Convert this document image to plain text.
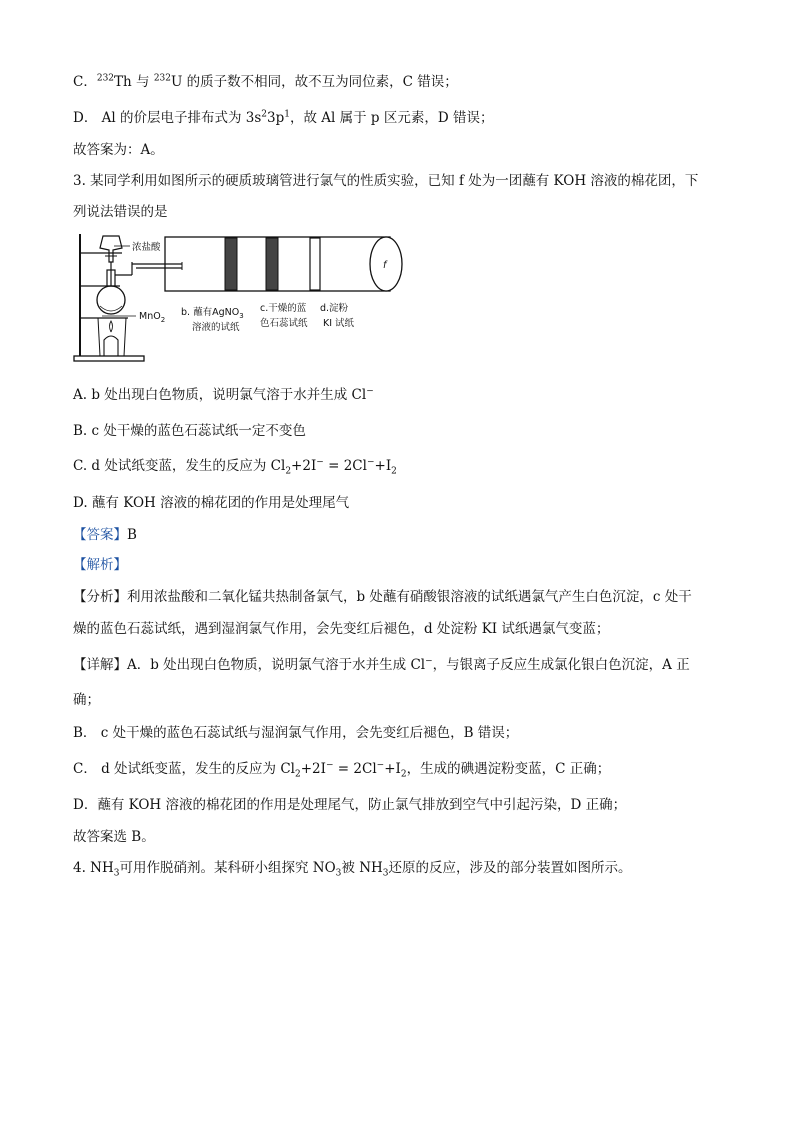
C．$^{232}$Th 与 $^{232}$U 的质子数不相同，故不互为同位素，C 错误；
D． Al 的价层电子排布式为 $3s^23p^1$，故 Al 属于 p 区元素，D 错误；
故答案为：A。
3. 某同学利用如图所示的硬质玻璃管进行氯气的性质实验，已知 f 处为一团蘸有 KOH 溶液的棉花团，下
列说法错误的是
浓盐酸
MnO$_2$
f
b. 蘸有AgNO$_3$
溶液的试纸
c.干燥的蓝
色石蕊试纸
d.淀粉
KI 试纸
A. b 处出现白色物质，说明氯气溶于水并生成 Cl−
B. c 处干燥的蓝色石蕊试纸一定不变色
C. d 处试纸变蓝，发生的反应为 $Cl_2+2I^- = 2Cl^-+I_2$
D. 蘸有 KOH 溶液的棉花团的作用是处理尾气
【答案】B
【解析】
【分析】利用浓盐酸和二氧化锰共热制备氯气，b 处蘸有硝酸银溶液的试纸遇氯气产生白色沉淀，c 处干
燥的蓝色石蕊试纸，遇到湿润氯气作用，会先变红后褪色，d 处淀粉 KI 试纸遇氯气变蓝；
【详解】A．b 处出现白色物质，说明氯气溶于水并生成 Cl−，与银离子反应生成氯化银白色沉淀，A 正
确；
B． c 处干燥的蓝色石蕊试纸与湿润氯气作用，会先变红后褪色，B 错误；
C． d 处试纸变蓝，发生的反应为 $Cl_2+2I^- = 2Cl^-+I_2$，生成的碘遇淀粉变蓝，C 正确；
D．蘸有 KOH 溶液的棉花团的作用是处理尾气，防止氯气排放到空气中引起污染，D 正确；
故答案选 B。
4. $NH_3$可用作脱硝剂。某科研小组探究 $NO_3$被 $NH_3$还原的反应，涉及的部分装置如图所示。
